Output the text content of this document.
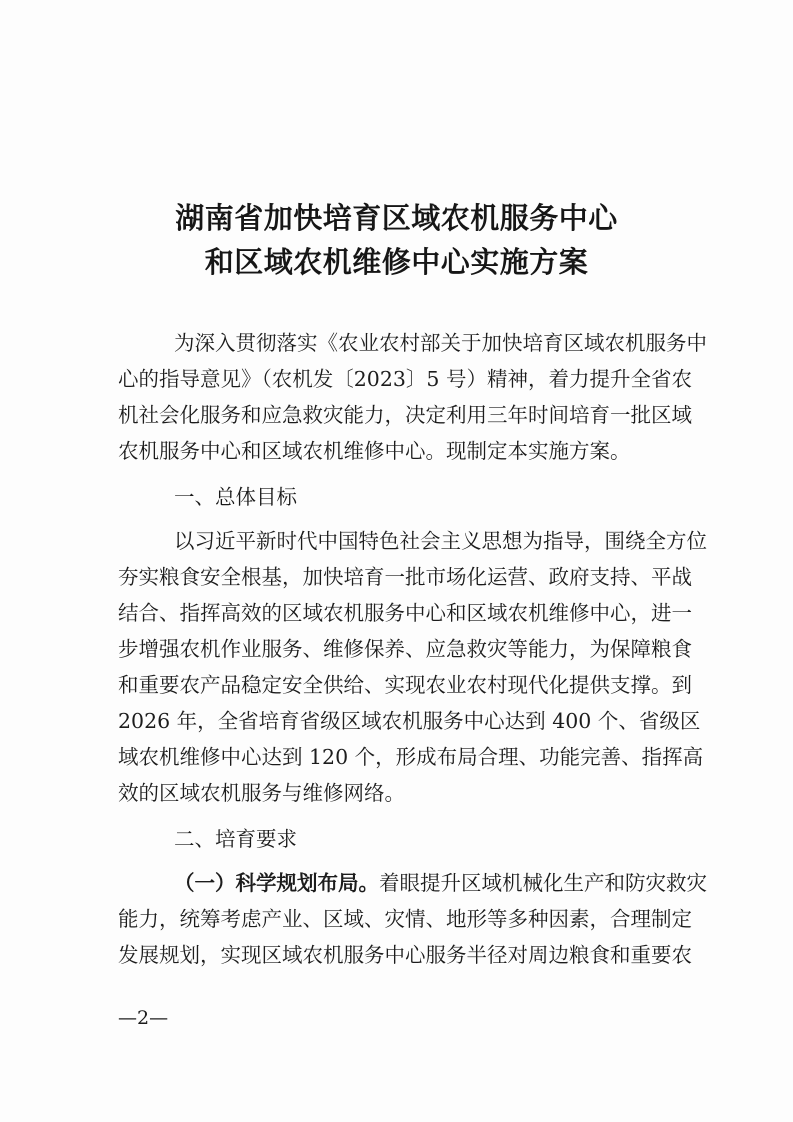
湖南省加快培育区域农机服务中心
和区域农机维修中心实施方案
为深入贯彻落实《农业农村部关于加快培育区域农机服务中
心的指导意见》（农机发〔2023〕5 号）精神，着力提升全省农
机社会化服务和应急救灾能力，决定利用三年时间培育一批区域
农机服务中心和区域农机维修中心。现制定本实施方案。
一、总体目标
以习近平新时代中国特色社会主义思想为指导，围绕全方位
夯实粮食安全根基，加快培育一批市场化运营、政府支持、平战
结合、指挥高效的区域农机服务中心和区域农机维修中心，进一
步增强农机作业服务、维修保养、应急救灾等能力，为保障粮食
和重要农产品稳定安全供给、实现农业农村现代化提供支撑。到
2026 年，全省培育省级区域农机服务中心达到 400 个、省级区
域农机维修中心达到 120 个，形成布局合理、功能完善、指挥高
效的区域农机服务与维修网络。
二、培育要求
（一）科学规划布局。着眼提升区域机械化生产和防灾救灾
能力，统筹考虑产业、区域、灾情、地形等多种因素，合理制定
发展规划，实现区域农机服务中心服务半径对周边粮食和重要农
—2—
